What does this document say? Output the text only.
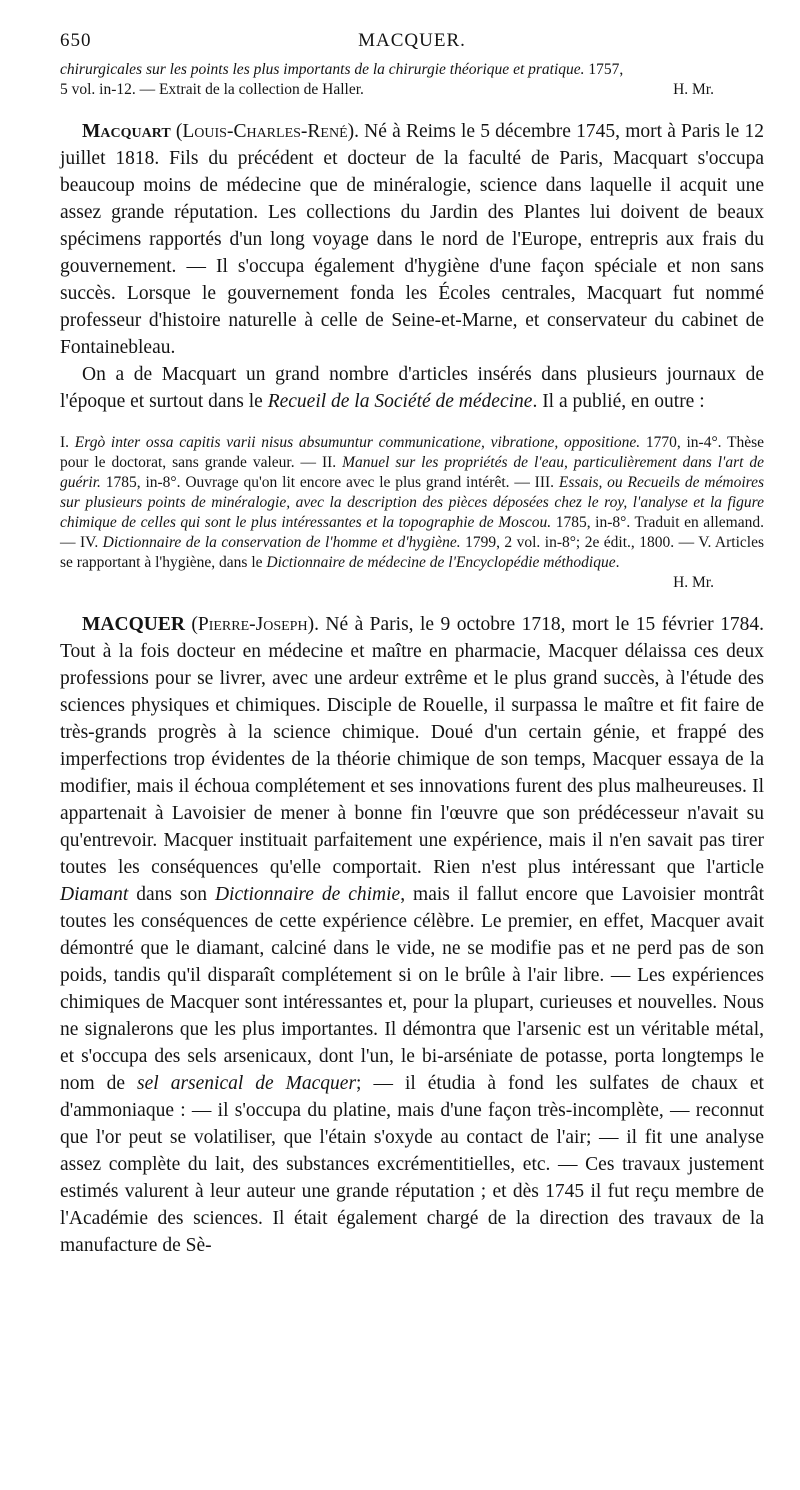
650	MACQUER.
chirurgicales sur les points les plus importants de la chirurgie théorique et pratique. 1757,
5 vol. in-12. — Extrait de la collection de Haller.	H. Mr.

Macquart (Louis-Charles-René). Né à Reims le 5 décembre 1745, mort à Paris le 12 juillet 1818. Fils du précédent et docteur de la faculté de Paris, Macquart s'occupa beaucoup moins de médecine que de minéralogie, science dans laquelle il acquit une assez grande réputation. Les collections du Jardin des Plantes lui doivent de beaux spécimens rapportés d'un long voyage dans le nord de l'Europe, entrepris aux frais du gouvernement. — Il s'occupa également d'hygiène d'une façon spéciale et non sans succès. Lorsque le gouvernement fonda les Écoles centrales, Macquart fut nommé professeur d'histoire naturelle à celle de Seine-et-Marne, et conservateur du cabinet de Fontainebleau.

On a de Macquart un grand nombre d'articles insérés dans plusieurs journaux de l'époque et surtout dans le Recueil de la Société de médecine. Il a publié, en outre :

I. Ergò inter ossa capitis varii nisus absumuntur communicatione, vibratione, oppositione. 1770, in-4°. Thèse pour le doctorat, sans grande valeur. — II. Manuel sur les propriétés de l'eau, particulièrement dans l'art de guérir. 1785, in-8°. Ouvrage qu'on lit encore avec le plus grand intérêt. — III. Essais, ou Recueils de mémoires sur plusieurs points de minéralogie, avec la description des pièces déposées chez le roy, l'analyse et la figure chimique de celles qui sont le plus intéressantes et la topographie de Moscou. 1785, in-8°. Traduit en allemand. — IV. Dictionnaire de la conservation de l'homme et d'hygiène. 1799, 2 vol. in-8°; 2e édit., 1800. — V. Articles se rapportant à l'hygiène, dans le Dictionnaire de médecine de l'Encyclopédie méthodique.
H. Mr.

MACQUER (Pierre-Joseph). Né à Paris, le 9 octobre 1718, mort le 15 février 1784. Tout à la fois docteur en médecine et maître en pharmacie, Macquer délaissa ces deux professions pour se livrer, avec une ardeur extrême et le plus grand succès, à l'étude des sciences physiques et chimiques. Disciple de Rouelle, il surpassa le maître et fit faire de très-grands progrès à la science chimique. Doué d'un certain génie, et frappé des imperfections trop évidentes de la théorie chimique de son temps, Macquer essaya de la modifier, mais il échoua complétement et ses innovations furent des plus malheureuses. Il appartenait à Lavoisier de mener à bonne fin l'œuvre que son prédécesseur n'avait su qu'entrevoir. Macquer instituait parfaitement une expérience, mais il n'en savait pas tirer toutes les conséquences qu'elle comportait. Rien n'est plus intéressant que l'article Diamant dans son Dictionnaire de chimie, mais il fallut encore que Lavoisier montrât toutes les conséquences de cette expérience célèbre. Le premier, en effet, Macquer avait démontré que le diamant, calciné dans le vide, ne se modifie pas et ne perd pas de son poids, tandis qu'il disparaît complétement si on le brûle à l'air libre. — Les expériences chimiques de Macquer sont intéressantes et, pour la plupart, curieuses et nouvelles. Nous ne signalerons que les plus importantes. Il démontra que l'arsenic est un véritable métal, et s'occupa des sels arsenicaux, dont l'un, le bi-arséniate de potasse, porta longtemps le nom de sel arsenical de Macquer; — il étudia à fond les sulfates de chaux et d'ammoniaque : — il s'occupa du platine, mais d'une façon très-incomplète, — reconnut que l'or peut se volatiliser, que l'étain s'oxyde au contact de l'air; — il fit une analyse assez complète du lait, des substances excrémentitielles, etc. — Ces travaux justement estimés valurent à leur auteur une grande réputation ; et dès 1745 il fut reçu membre de l'Académie des sciences. Il était également chargé de la direction des travaux de la manufacture de Sè-
